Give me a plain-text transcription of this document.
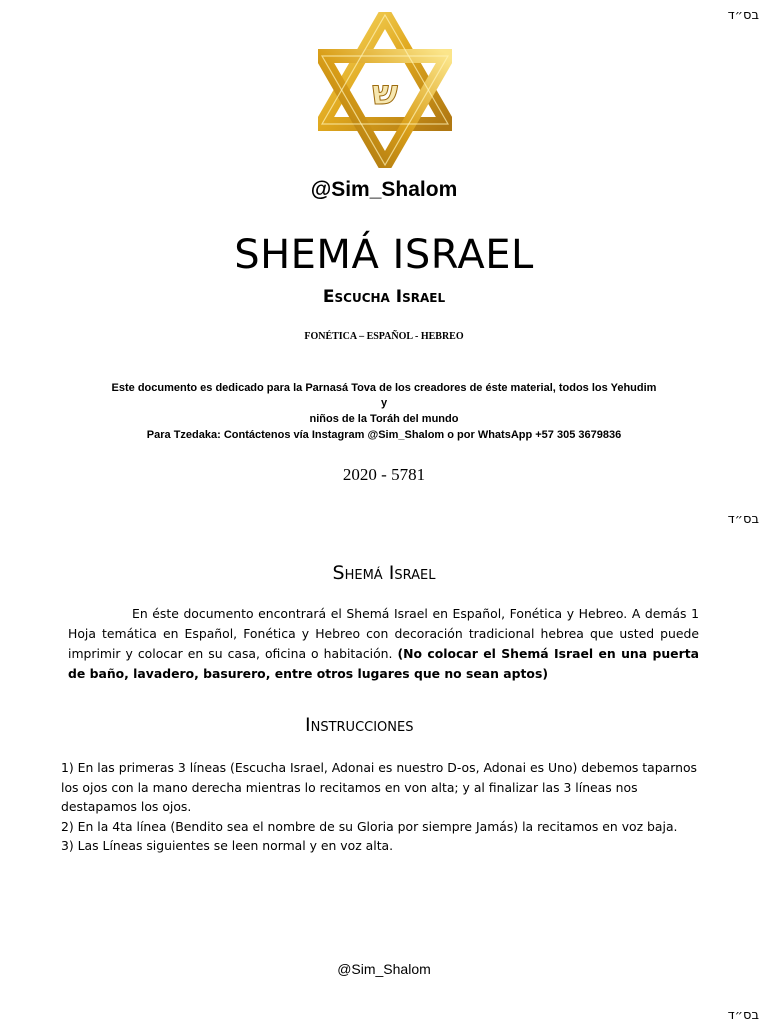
בס״ד
ש
@Sim_Shalom
SHEMÁ ISRAEL
Escucha Israel
FONÉTICA – ESPAÑOL - HEBREO
Este documento es dedicado para la Parnasá Tova de los creadores de éste material, todos los Yehudim
y
niños de la Toráh del mundo
Para Tzedaka: Contáctenos vía Instagram @Sim_Shalom o por WhatsApp +57 305 3679836
2020 - 5781
בס״ד
Shemá Israel

En éste documento encontrará el Shemá Israel en Español, Fonética y Hebreo. A demás 1 Hoja temática en Español, Fonética y Hebreo con decoración tradicional hebrea que usted puede imprimir y colocar en su casa, oficina o habitación. (No colocar el Shemá Israel en una puerta de baño, lavadero, basurero, entre otros lugares que no sean aptos)

Instrucciones

1) En las primeras 3 líneas (Escucha Israel, Adonai es nuestro D-os, Adonai es Uno) debemos taparnos los ojos con la mano derecha mientras lo recitamos en von alta; y al finalizar las 3 líneas nos destapamos los ojos.

2) En la 4ta línea (Bendito sea el nombre de su Gloria por siempre Jamás) la recitamos en voz baja.

3) Las Líneas siguientes se leen normal y en voz alta.

@Sim_Shalom
בס״ד
